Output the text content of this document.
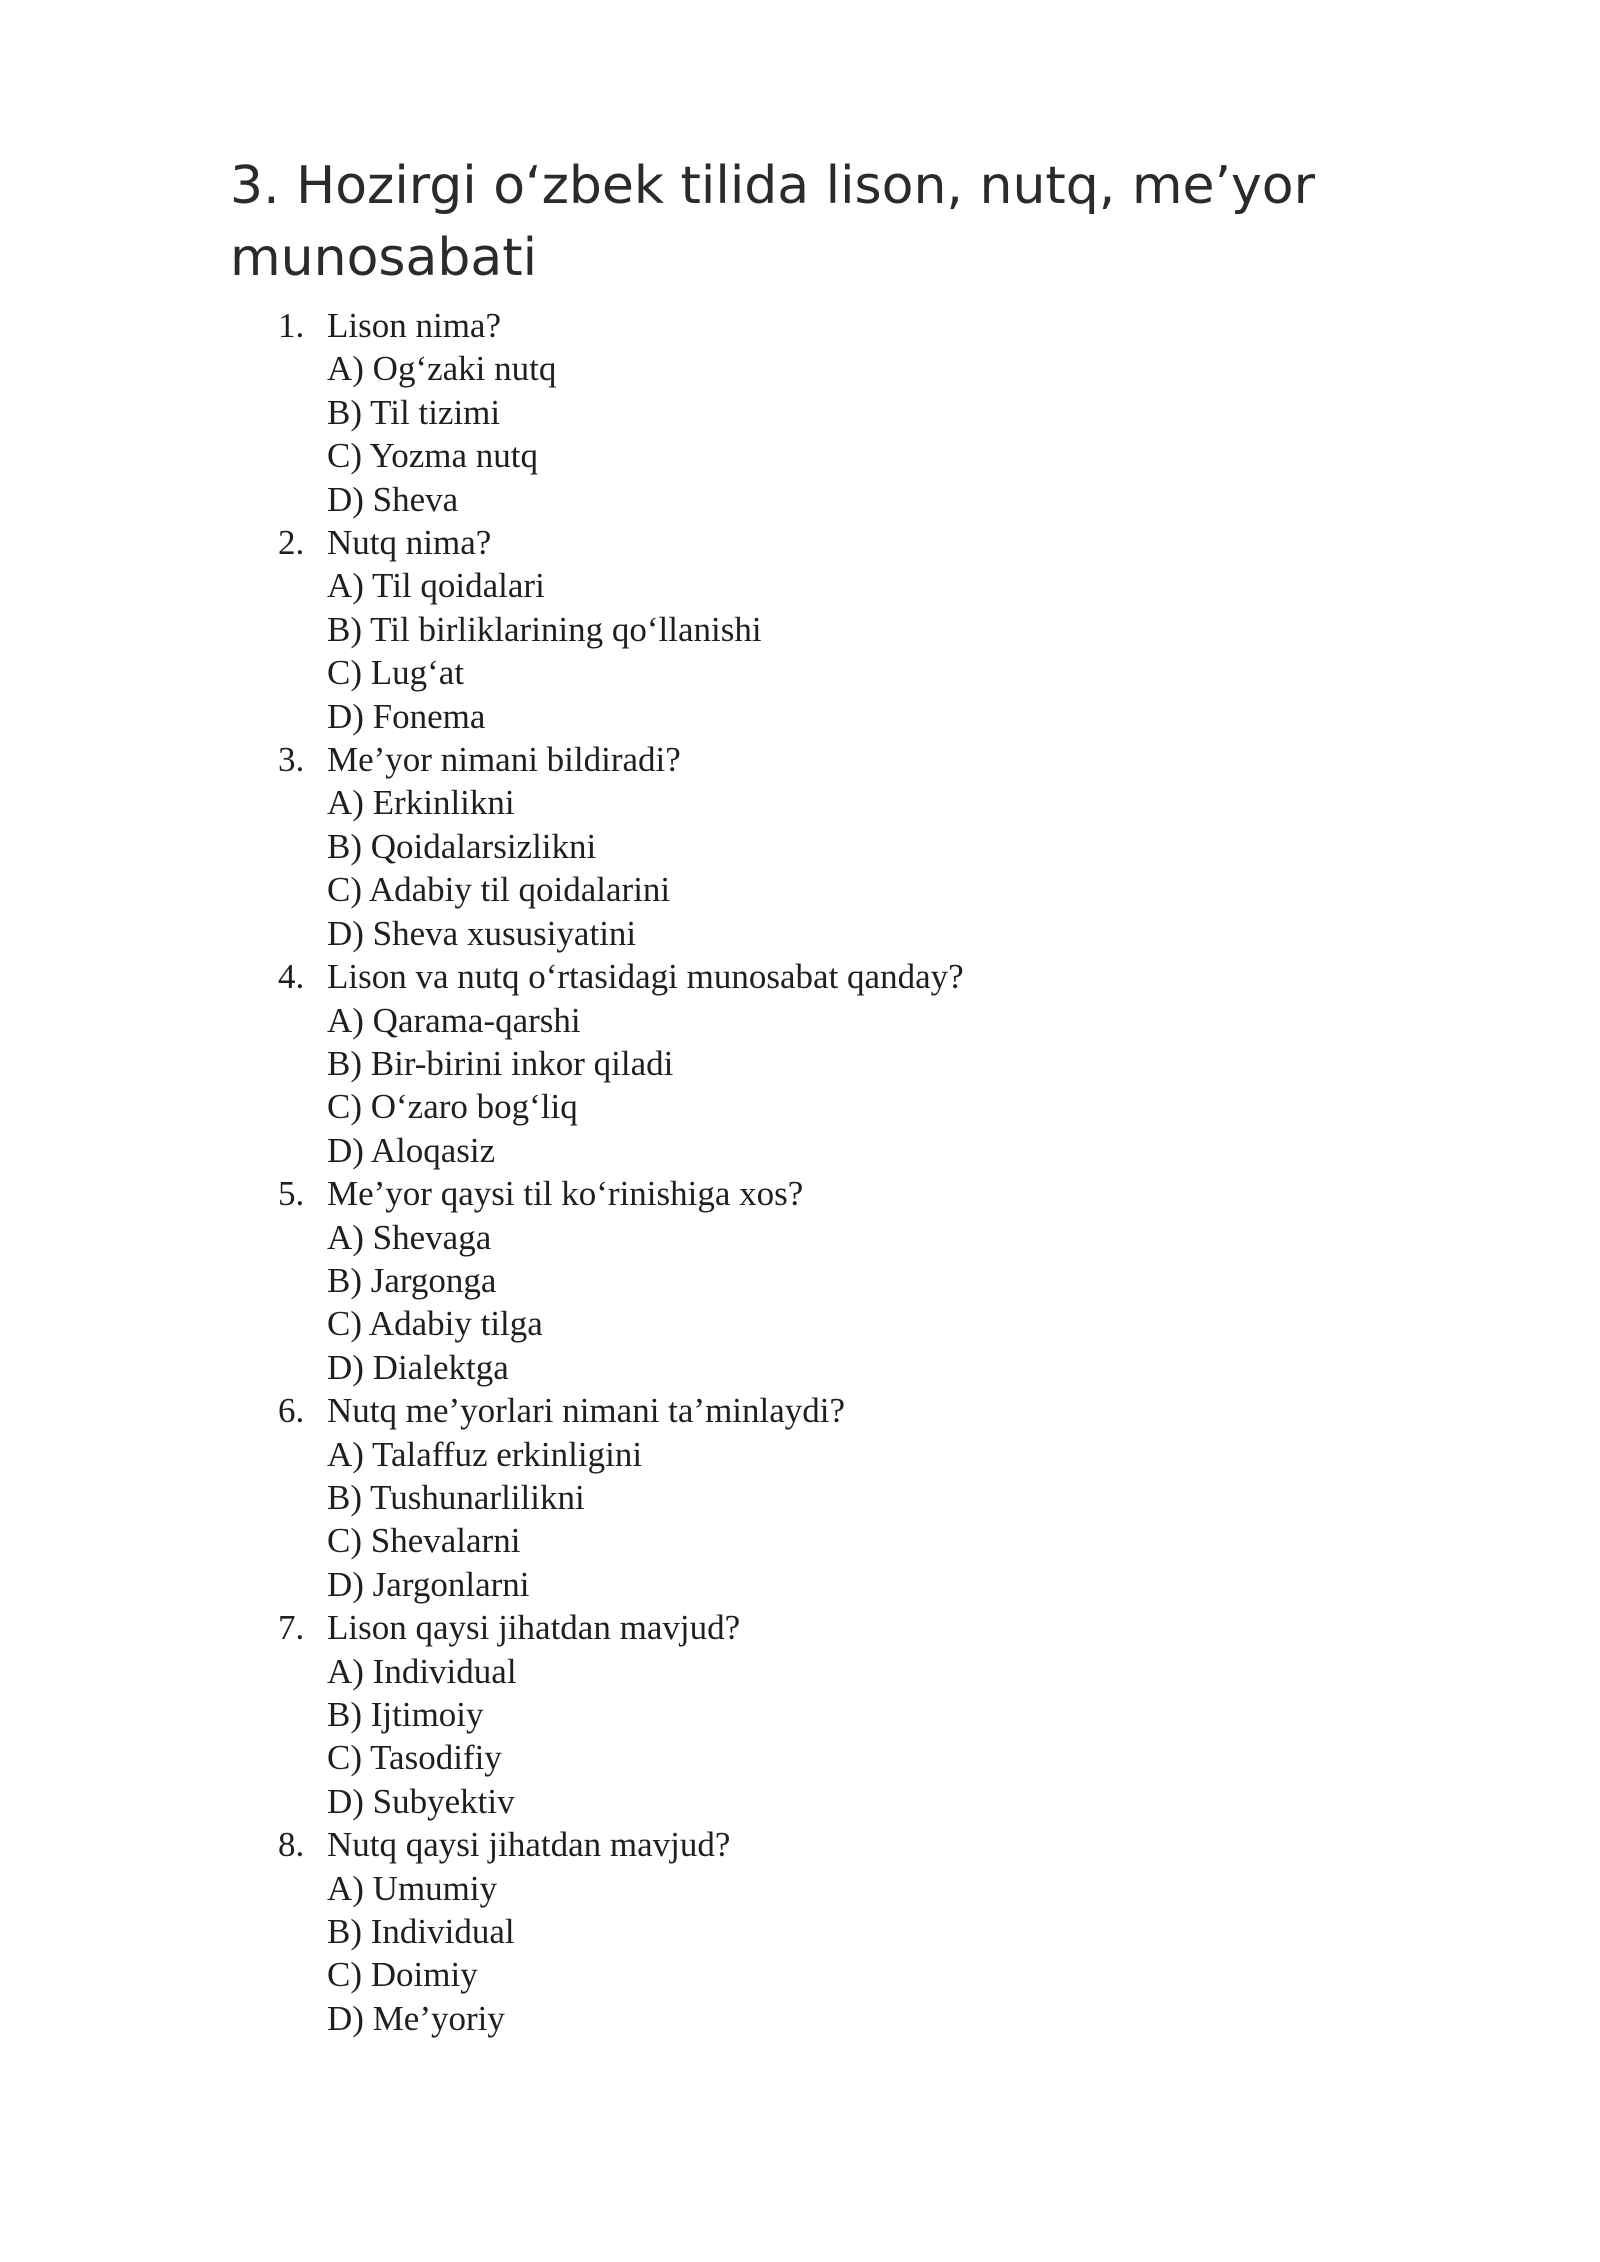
3. Hozirgi o‘zbek tilida lison, nutq, me’yor munosabati
1. Lison nima?
A) Og‘zaki nutq
B) Til tizimi
C) Yozma nutq
D) Sheva
2. Nutq nima?
A) Til qoidalari
B) Til birliklarining qo‘llanishi
C) Lug‘at
D) Fonema
3. Me’yor nimani bildiradi?
A) Erkinlikni
B) Qoidalarsizlikni
C) Adabiy til qoidalarini
D) Sheva xususiyatini
4. Lison va nutq o‘rtasidagi munosabat qanday?
A) Qarama-qarshi
B) Bir-birini inkor qiladi
C) O‘zaro bog‘liq
D) Aloqasiz
5. Me’yor qaysi til ko‘rinishiga xos?
A) Shevaga
B) Jargonga
C) Adabiy tilga
D) Dialektga
6. Nutq me’yorlari nimani ta’minlaydi?
A) Talaffuz erkinligini
B) Tushunarlilikni
C) Shevalarni
D) Jargonlarni
7. Lison qaysi jihatdan mavjud?
A) Individual
B) Ijtimoiy
C) Tasodifiy
D) Subyektiv
8. Nutq qaysi jihatdan mavjud?
A) Umumiy
B) Individual
C) Doimiy
D) Me’yoriy
